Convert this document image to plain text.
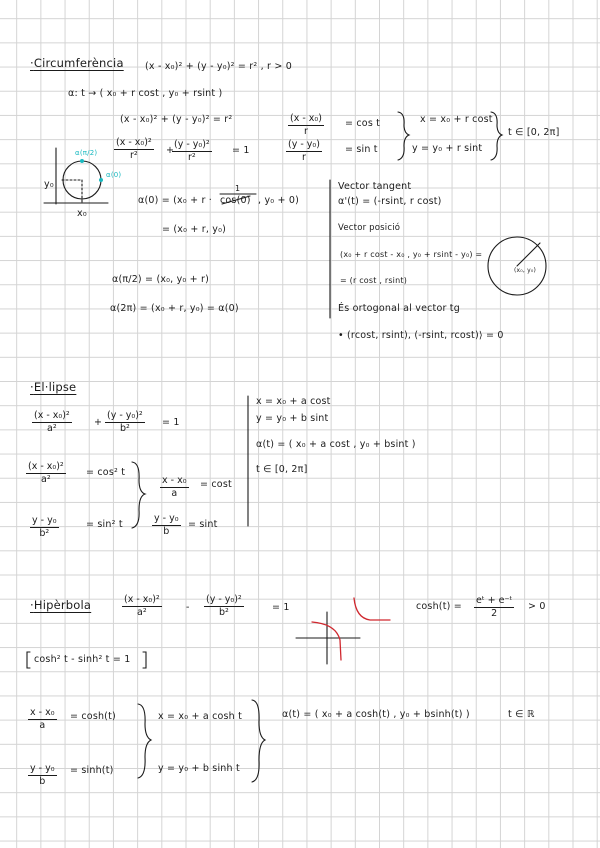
·Circumferència (x - x₀)² + (y - y₀)² = r² , r > 0
α: t → ( x₀ + r cost , y₀ + rsint )
(x - x₀)² + (y - y₀)² = r²
$\frac{\text{(x - x₀)²}}{\text{r²}}$ +
$\frac{\text{(y - y₀)²}}{\text{r²}} = 1$
$\frac{\text{(x - x₀)}}{r} = \cos t$
$\frac{\text{(y - y₀)}}{r} = \sin t$
x = x₀ + r cost
y = y₀ + r sint
t ∈ [0, 2π]
y₀
x₀
α(π/2)
α(0)
α(0) = (x₀ + r ·
1
cos(0) , y₀ + 0)
= (x₀ + r, y₀)
α(π/2) = (x₀, y₀ + r)
α(2π) = (x₀ + r, y₀) = α(0)
Vector tangent
α'(t) = (-rsint, r cost)
Vector posició
(x₀ + r cost - x₀ , y₀ + rsint - y₀) =
= (r cost , rsint)
(x₀, y₀)
És ortogonal al vector tg
• (rcost, rsint), (-rsint, rcost)⟩ = 0
·El·lipse
$\frac{\text{(x - x₀)²}}{\text{a²}} + \frac{\text{(y - y₀)²}}{\text{b²}} = 1$
$\frac{\text{(x - x₀)²}}{\text{a²}} = \cos^2$ t
$\frac{\text{y - y₀}}{\text{b²}}$	= sin² t
$\frac{\text{x - x₀}}{a} = \cos t$
$\frac{\text{y - y₀}}{b} = \sin t$
x = x₀ + a cost
y = y₀ + b sint
α(t) = ( x₀ + a cost , y₀ + bsint )
t ∈ [0, 2π]
·Hipèrbola	$\frac{\text{(x - x₀)²}}{\text{a²}}$	- $\frac{\text{(y - y₀)²}}{\text{b²}}$	= 1	$\cosh(t) = \frac{\text{eᵗ + e⁻ᵗ}}{2} > 0$
cosh² t - sinh² t = 1
$\frac{\text{x - x₀}}{a} = \cosh(t)$
$\frac{\text{y - y₀}}{b} = \sinh(t)$
x = x₀ + a cosh t
y = y₀ + b sinh t
α(t) = ( x₀ + a cosh(t) , y₀ + bsinh(t) )	t ∈ ℝ
